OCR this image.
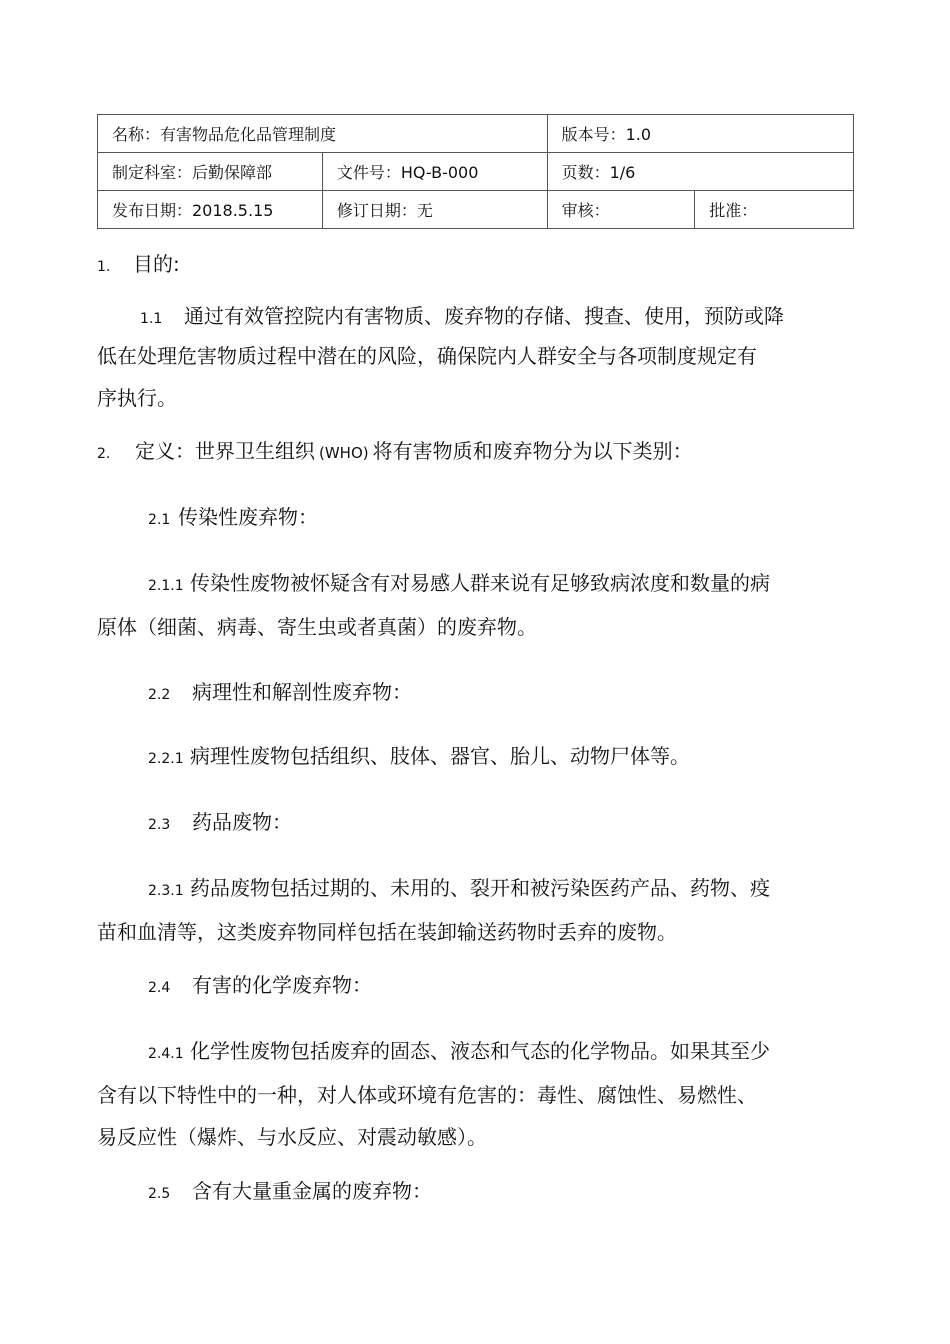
名称：有害物品危化品管理制度		版本号：1.0	
制定科室：后勤保障部	文件号：HQ-B-000	页数：1/6	
发布日期：2018.5.15	修订日期：无	审核：	批准：
1. 目的:
1.1 通过有效管控院内有害物质、废弃物的存储、搜查、使用，预防或降
低在处理危害物质过程中潜在的风险，确保院内人群安全与各项制度规定有
序执行。
2. 定义：世界卫生组织 (WHO) 将有害物质和废弃物分为以下类别：
2.1 传染性废弃物：
2.1.1 传染性废物被怀疑含有对易感人群来说有足够致病浓度和数量的病
原体（细菌、病毒、寄生虫或者真菌）的废弃物。
2.2 病理性和解剖性废弃物：
2.2.1 病理性废物包括组织、肢体、器官、胎儿、动物尸体等。
2.3 药品废物：
2.3.1 药品废物包括过期的、未用的、裂开和被污染医药产品、药物、疫
苗和血清等，这类废弃物同样包括在装卸输送药物时丢弃的废物。
2.4 有害的化学废弃物：
2.4.1 化学性废物包括废弃的固态、液态和气态的化学物品。如果其至少
含有以下特性中的一种，对人体或环境有危害的：毒性、腐蚀性、易燃性、
易反应性（爆炸、与水反应、对震动敏感）。
2.5 含有大量重金属的废弃物：
